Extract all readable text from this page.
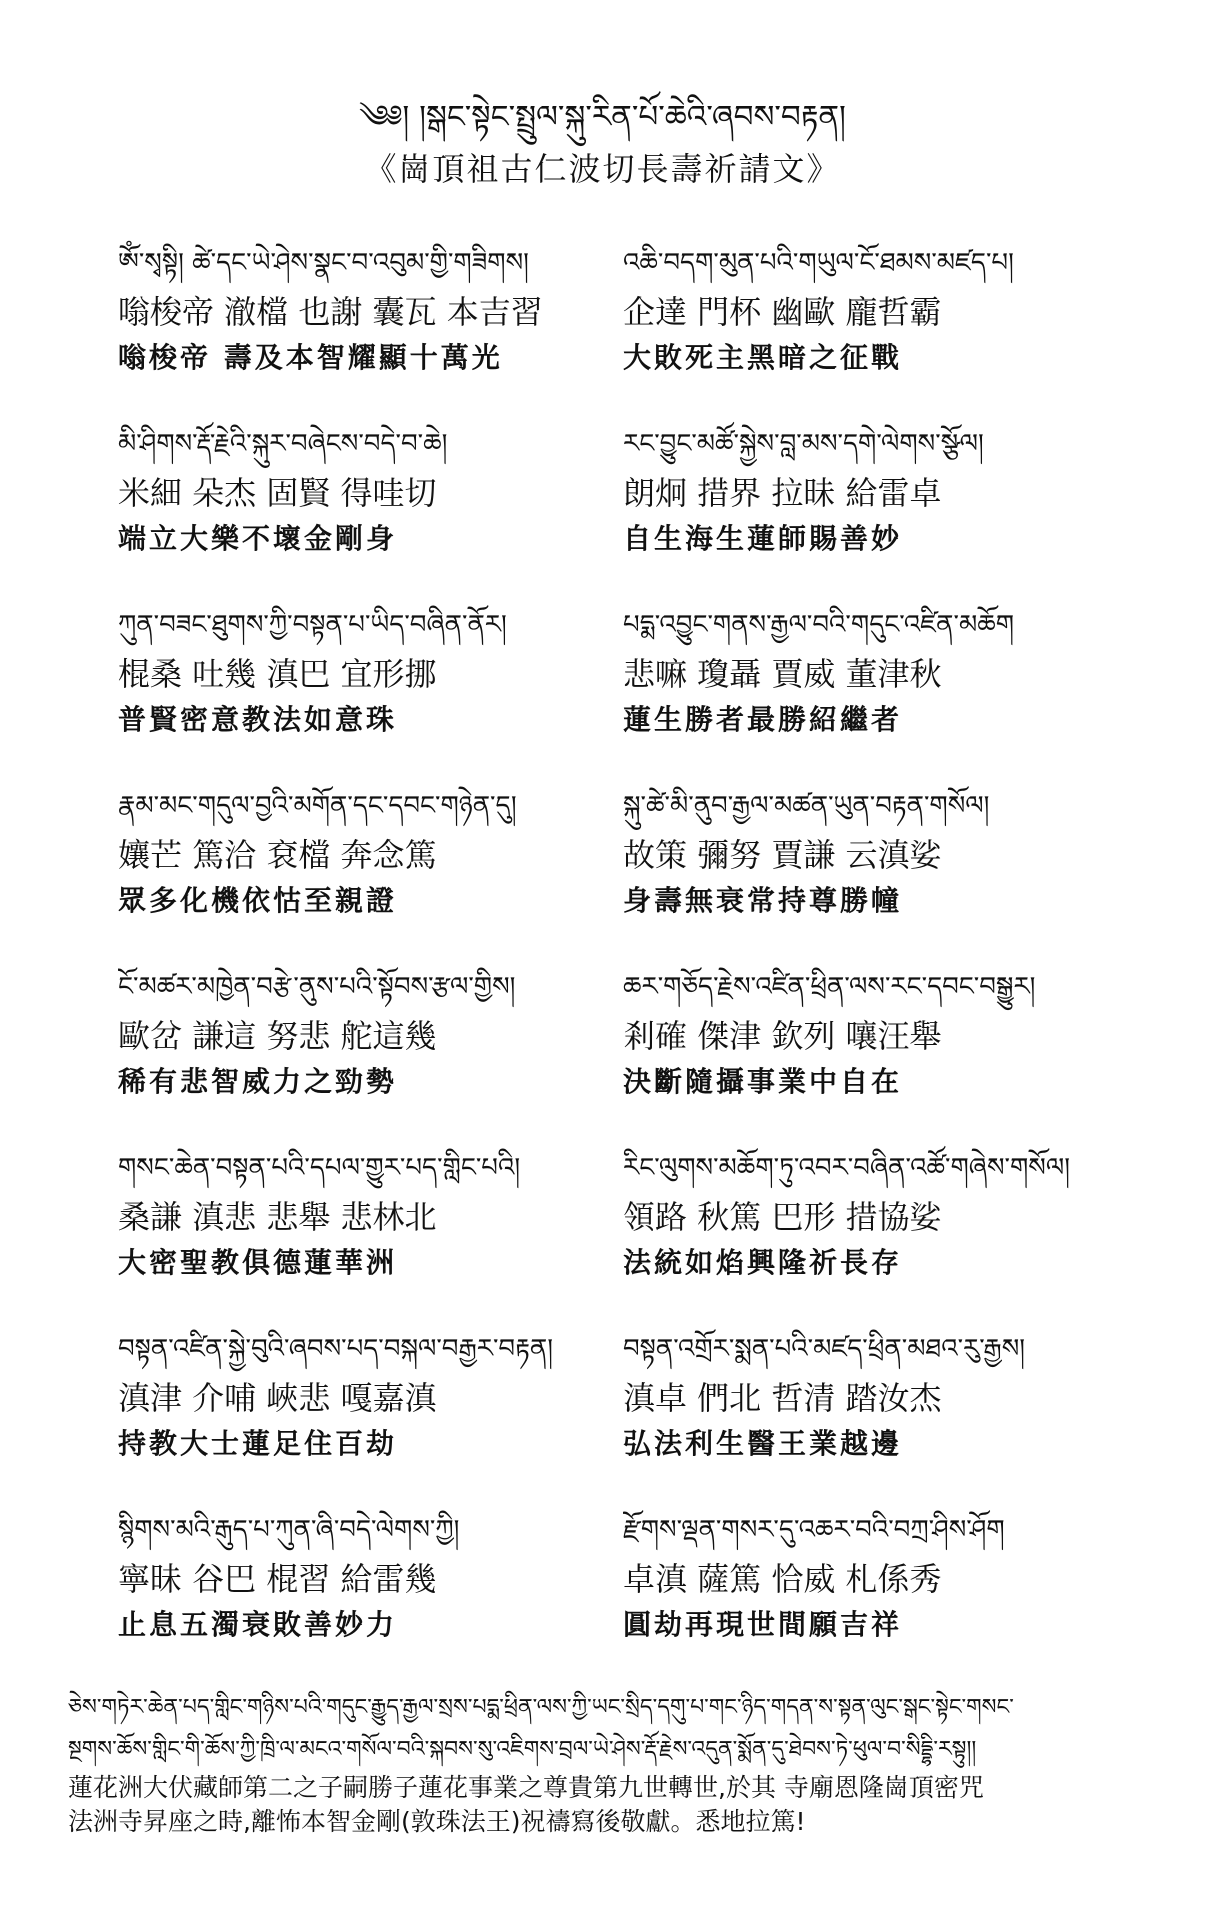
༄༅། །སྒང་སྟེང་སྤྲུལ་སྐུ་རིན་པོ་ཆེའི་ཞབས་བརྟན།
《崗頂祖古仁波切長壽祈請文》
ཨོཾ་སྭསྟི། ཚེ་དང་ཡེ་ཤེས་སྣང་བ་འབུམ་གྱི་གཟིགས།
嗡梭帝 澈檔 也謝 囊瓦 本吉習
嗡梭帝 壽及本智耀顯十萬光
འཆི་བདག་མུན་པའི་གཡུལ་ངོ་ཐམས་མཛད་པ།
企達 門杯 幽歐 龐哲霸
大敗死主黑暗之征戰
མི་ཤིགས་རྡོ་རྗེའི་སྐུར་བཞེངས་བདེ་བ་ཆེ།
米細 朵杰 固賢 得哇切
端立大樂不壞金剛身
རང་བྱུང་མཚོ་སྐྱེས་བླ་མས་དགེ་ལེགས་སྩོལ།
朗炯 措界 拉昧 給雷卓
自生海生蓮師賜善妙
ཀུན་བཟང་ཐུགས་ཀྱི་བསྟན་པ་ཡིད་བཞིན་ནོར།
棍桑 吐幾 滇巴 宜形挪
普賢密意教法如意珠
པདྨ་འབྱུང་གནས་རྒྱལ་བའི་གདུང་འཛིན་མཆོག
悲嘛 瓊聶 賈威 董津秋
蓮生勝者最勝紹繼者
རྣམ་མང་གདུལ་བྱའི་མགོན་དང་དབང་གཉེན་དུ།
孃芒 篤洽 袞檔 奔念篤
眾多化機依怙至親證
སྐུ་ཚེ་མི་ནུབ་རྒྱལ་མཚན་ཡུན་བརྟན་གསོལ།
故策 彌努 賈謙 云滇娑
身壽無衰常持尊勝幢
ངོ་མཚར་མཁྱེན་བརྩེ་ནུས་པའི་སྟོབས་རྩལ་གྱིས།
歐岔 謙這 努悲 舵這幾
稀有悲智威力之勁勢
ཆར་གཅོད་རྗེས་འཛིན་ཕྲིན་ལས་རང་དབང་བསྒྱུར།
剎確 傑津 欽列 嚷汪舉
決斷隨攝事業中自在
གསང་ཆེན་བསྟན་པའི་དཔལ་གྱུར་པད་གླིང་པའི།
桑謙 滇悲 悲舉 悲林北
大密聖教俱德蓮華洲
རིང་ལུགས་མཆོག་ཏུ་འབར་བཞིན་འཚོ་གཞེས་གསོལ།
領路 秋篤 巴形 措協娑
法統如焰興隆祈長存
བསྟན་འཛིན་སྐྱེ་བུའི་ཞབས་པད་བསྐལ་བརྒྱར་བརྟན།
滇津 介哺 峽悲 嘎嘉滇
持教大士蓮足住百劫
བསྟན་འགྲོར་སྨན་པའི་མཛད་ཕྲིན་མཐའ་རུ་རྒྱས།
滇卓 們北 哲清 踏汝杰
弘法利生醫王業越邊
སྙིགས་མའི་རྒུད་པ་ཀུན་ཞི་བདེ་ལེགས་ཀྱི།
寧昧 谷巴 棍習 給雷幾
止息五濁衰敗善妙力
རྫོགས་ལྡན་གསར་དུ་འཆར་བའི་བཀྲ་ཤིས་ཤོག
卓滇 薩篤 恰威 札係秀
圓劫再現世間願吉祥
ཅེས་གཏེར་ཆེན་པད་གླིང་གཉིས་པའི་གདུང་རྒྱུད་རྒྱལ་སྲས་པདྨ་ཕྲིན་ལས་ཀྱི་ཡང་སྲིད་དགུ་པ་གང་ཉིད་གདན་ས་སྟན་ལུང་སྒང་སྟེང་གསང་
སྔགས་ཆོས་གླིང་གི་ཆོས་ཀྱི་ཁྲི་ལ་མངའ་གསོལ་བའི་སྐབས་སུ་འཇིགས་བྲལ་ཡེ་ཤེས་རྡོ་རྗེས་འདུན་སྨོན་དུ་ཐེབས་ཏེ་ཕུལ་བ་སིདྡྷི་རསྟུ།།
蓮花洲大伏藏師第二之子嗣勝子蓮花事業之尊貴第九世轉世,於其 寺廟恩隆崗頂密咒
法洲寺昇座之時,離怖本智金剛(敦珠法王)祝禱寫後敬獻。悉地拉篤!
